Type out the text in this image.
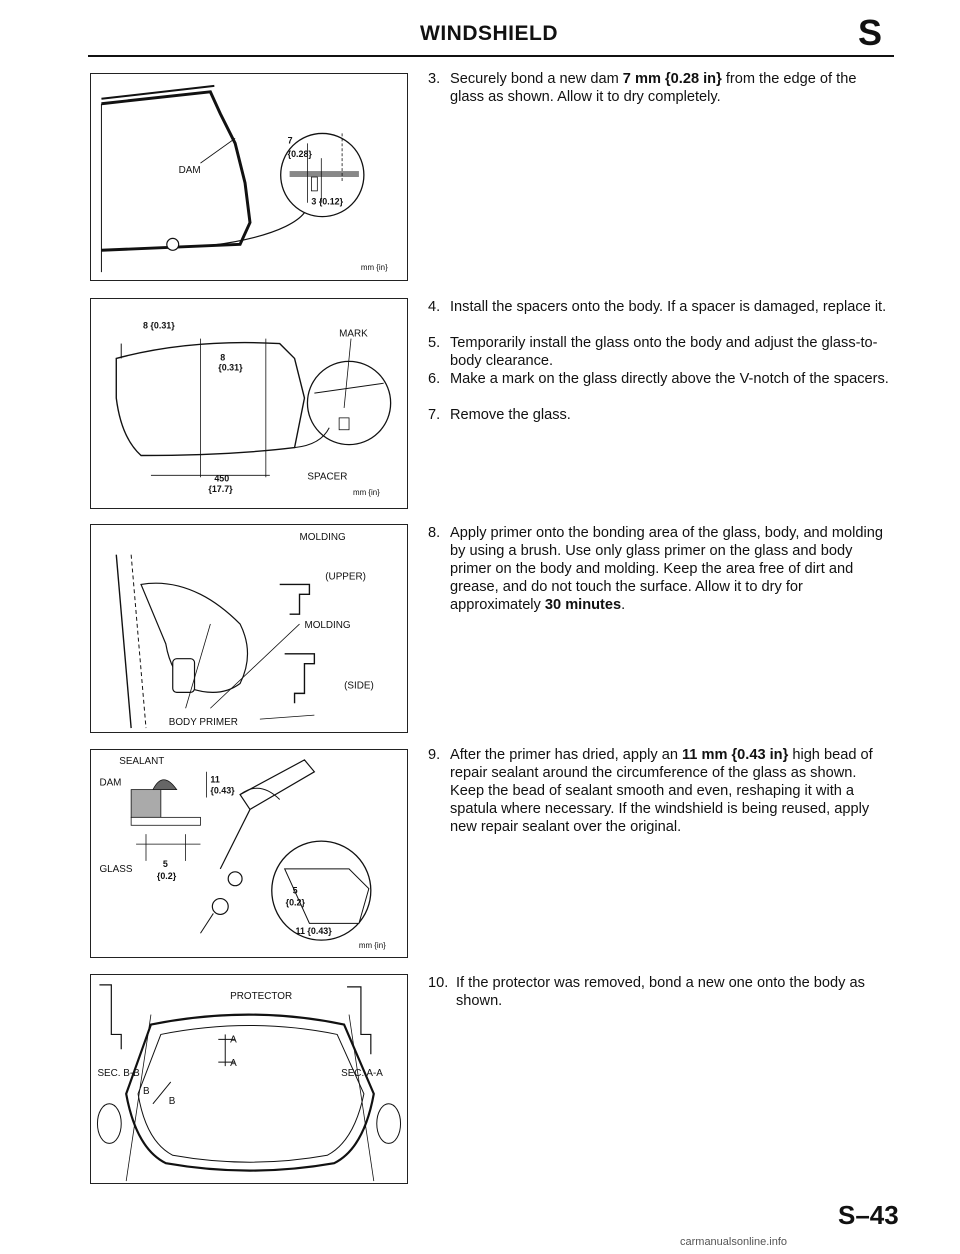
WINDSHIELD	S
DAM
7
{0.28}
3 {0.12}
mm {in}
8 {0.31}
MARK
8
{0.31}
450
{17.7}
SPACER
mm {in}
MOLDING
(UPPER)
MOLDING
(SIDE)
BODY PRIMER
SEALANT
DAM	11
{0.43}
GLASS	5
{0.2}
5
{0.2}
11 {0.43}
mm {in}
PROTECTOR
A
A
SEC. B-B	SEC. A-A
B
B
3. Securely bond a new dam 7 mm {0.28 in} from the edge of the glass as shown. Allow it to dry completely.
4. Install the spacers onto the body. If a spacer is damaged, replace it.
5. Temporarily install the glass onto the body and adjust the glass-to-body clearance.
6. Make a mark on the glass directly above the V-notch of the spacers.
7. Remove the glass.
8. Apply primer onto the bonding area of the glass, body, and molding by using a brush. Use only glass primer on the glass and body primer on the body and molding. Keep the area free of dirt and grease, and do not touch the surface. Allow it to dry for approximately 30 minutes.
9. After the primer has dried, apply an 11 mm {0.43 in} high bead of repair sealant around the circumference of the glass as shown. Keep the bead of sealant smooth and even, reshaping it with a spatula where necessary. If the windshield is being reused, apply new repair sealant over the original.
10. If the protector was removed, bond a new one onto the body as shown.
S–43
carmanualsonline.info
